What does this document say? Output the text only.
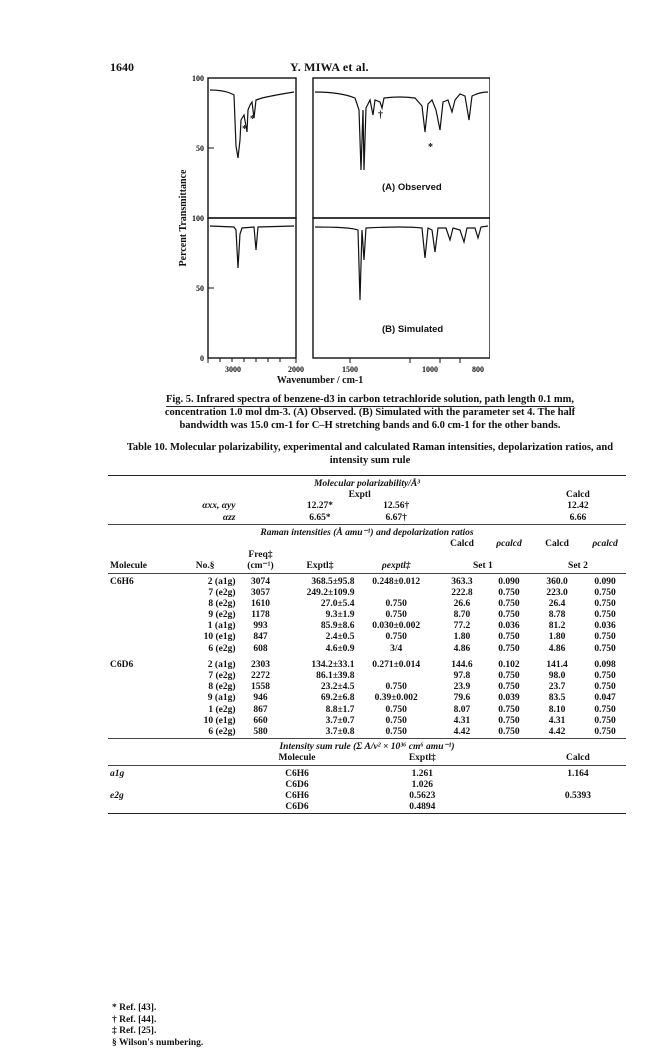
1640	Y. MIWA et al.
100
50
100
50
0
3000	2000	1500	1000	800
Wavenumber / cm-1
Percent Transmittance	(A) Observed
(B) Simulated
*
*	†
*
Fig. 5. Infrared spectra of benzene-d3 in carbon tetrachloride solution, path length 0.1 mm,
concentration 1.0 mol dm-3. (A) Observed. (B) Simulated with the parameter set 4. The half
bandwidth was 15.0 cm-1 for C–H stretching bands and 6.0 cm-1 for the other bands.
Table 10. Molecular polarizability, experimental and calculated Raman intensities, depolarization ratios, and
intensity sum rule

Molecular polarizability/Å³								
			Exptl				Calcd	
	αxx, αyy		12.27*	12.56†			12.42	
	αzz		6.65*	6.67†			6.66	

Raman intensities (Å amu⁻¹) and depolarization ratios								
					Calcd	ρcalcd	Calcd	ρcalcd
		Freq‡						
Molecule	No.§	(cm⁻¹)	Exptl‡	ρexptl‡	Set 1		Set 2	

C6H6	2 (a1g)	3074	368.5±95.8	0.248±0.012	363.3	0.090	360.0	0.090
	7 (e2g)	3057	249.2±109.9		222.8	0.750	223.0	0.750
	8 (e2g)	1610	27.0±5.4	0.750	26.6	0.750	26.4	0.750
	9 (e2g)	1178	9.3±1.9	0.750	8.70	0.750	8.78	0.750
	1 (a1g)	993	85.9±8.6	0.030±0.002	77.2	0.036	81.2	0.036
	10 (e1g)	847	2.4±0.5	0.750	1.80	0.750	1.80	0.750
	6 (e2g)	608	4.6±0.9	3/4	4.86	0.750	4.86	0.750

C6D6	2 (a1g)	2303	134.2±33.1	0.271±0.014	144.6	0.102	141.4	0.098
	7 (e2g)	2272	86.1±39.8		97.8	0.750	98.0	0.750
	8 (e2g)	1558	23.2±4.5	0.750	23.9	0.750	23.7	0.750
	9 (a1g)	946	69.2±6.8	0.39±0.002	79.6	0.039	83.5	0.047
	1 (e2g)	867	8.8±1.7	0.750	8.07	0.750	8.10	0.750
	10 (e1g)	660	3.7±0.7	0.750	4.31	0.750	4.31	0.750
	6 (e2g)	580	3.7±0.8	0.750	4.42	0.750	4.42	0.750

Intensity sum rule (Σ A/ν² × 10³⁶ cm⁶ amu⁻¹)								
		Molecule		Exptl‡			Calcd	

a1g		C6H6		1.261			1.164	
		C6D6		1.026				
e2g		C6H6		0.5623			0.5393	
		C6D6		0.4894				

* Ref. [43].
† Ref. [44].
‡ Ref. [25].
§ Wilson's numbering.
